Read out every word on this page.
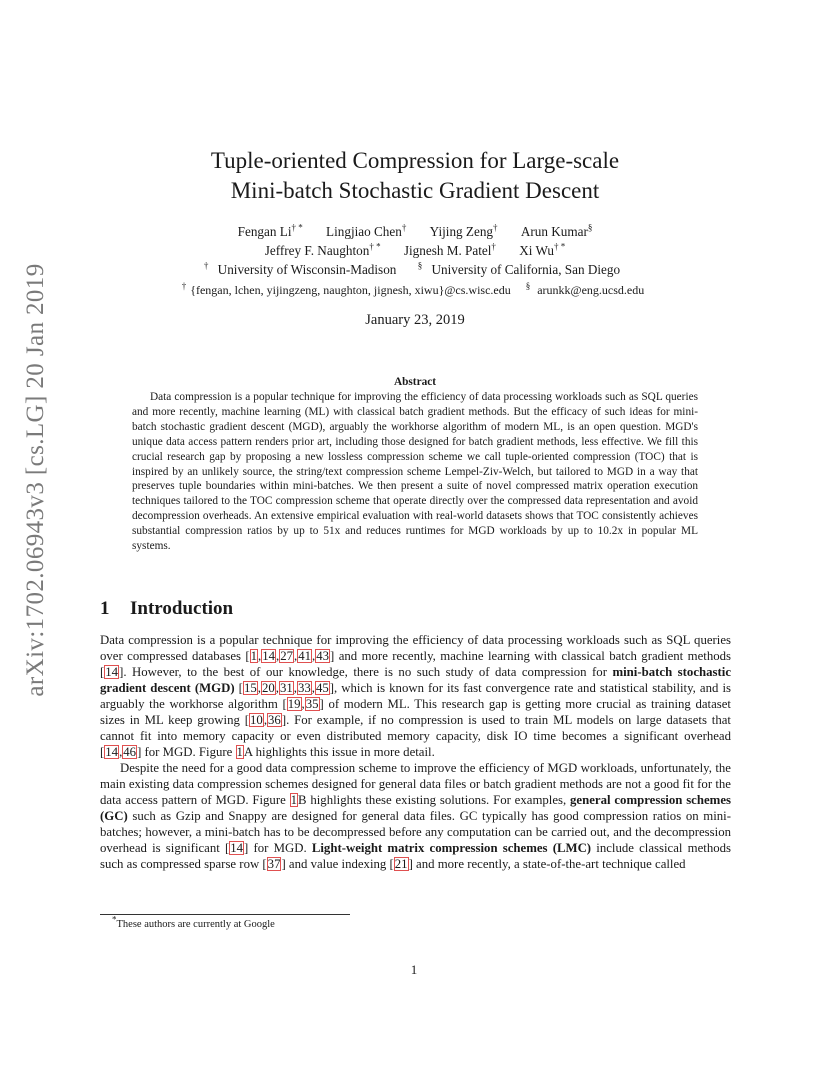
arXiv:1702.06943v3 [cs.LG] 20 Jan 2019
Tuple-oriented Compression for Large-scale
Mini-batch Stochastic Gradient Descent
Fengan Li† * Lingjiao Chen† Yijing Zeng† Arun Kumar§
Jeffrey F. Naughton† * Jignesh M. Patel† Xi Wu† *
† University of Wisconsin-Madison § University of California, San Diego
† {fengan, lchen, yijingzeng, naughton, jignesh, xiwu}@cs.wisc.edu § arunkk@eng.ucsd.edu
January 23, 2019
Abstract
Data compression is a popular technique for improving the efficiency of data processing workloads such as SQL queries and more recently, machine learning (ML) with classical batch gradient methods. But the efficacy of such ideas for mini-batch stochastic gradient descent (MGD), arguably the workhorse algorithm of modern ML, is an open question. MGD's unique data access pattern renders prior art, including those designed for batch gradient methods, less effective. We fill this crucial research gap by proposing a new lossless compression scheme we call tuple-oriented compression (TOC) that is inspired by an unlikely source, the string/text compression scheme Lempel-Ziv-Welch, but tailored to MGD in a way that preserves tuple boundaries within mini-batches. We then present a suite of novel compressed matrix operation execution techniques tailored to the TOC compression scheme that operate directly over the compressed data representation and avoid decompression overheads. An extensive empirical evaluation with real-world datasets shows that TOC consistently achieves substantial compression ratios by up to 51x and reduces runtimes for MGD workloads by up to 10.2x in popular ML systems.
1 Introduction

Data compression is a popular technique for improving the efficiency of data processing workloads such as SQL queries over compressed databases [1,14,27,41,43] and more recently, machine learning with classical batch gradient methods [14]. However, to the best of our knowledge, there is no such study of data compression for mini-batch stochastic gradient descent (MGD) [15,20,31,33,45], which is known for its fast convergence rate and statistical stability, and is arguably the workhorse algorithm [19,35] of modern ML. This research gap is getting more crucial as training dataset sizes in ML keep growing [10,36]. For example, if no compression is used to train ML models on large datasets that cannot fit into memory capacity or even distributed memory capacity, disk IO time becomes a significant overhead [14,46] for MGD. Figure 1A highlights this issue in more detail.

Despite the need for a good data compression scheme to improve the efficiency of MGD workloads, unfortunately, the main existing data compression schemes designed for general data files or batch gradient methods are not a good fit for the data access pattern of MGD. Figure 1B highlights these existing solutions. For examples, general compression schemes (GC) such as Gzip and Snappy are designed for general data files. GC typically has good compression ratios on mini-batches; however, a mini-batch has to be decompressed before any computation can be carried out, and the decompression overhead is significant [14] for MGD. Light-weight matrix compression schemes (LMC) include classical methods such as compressed sparse row [37] and value indexing [21] and more recently, a state-of-the-art technique called

*These authors are currently at Google
1
